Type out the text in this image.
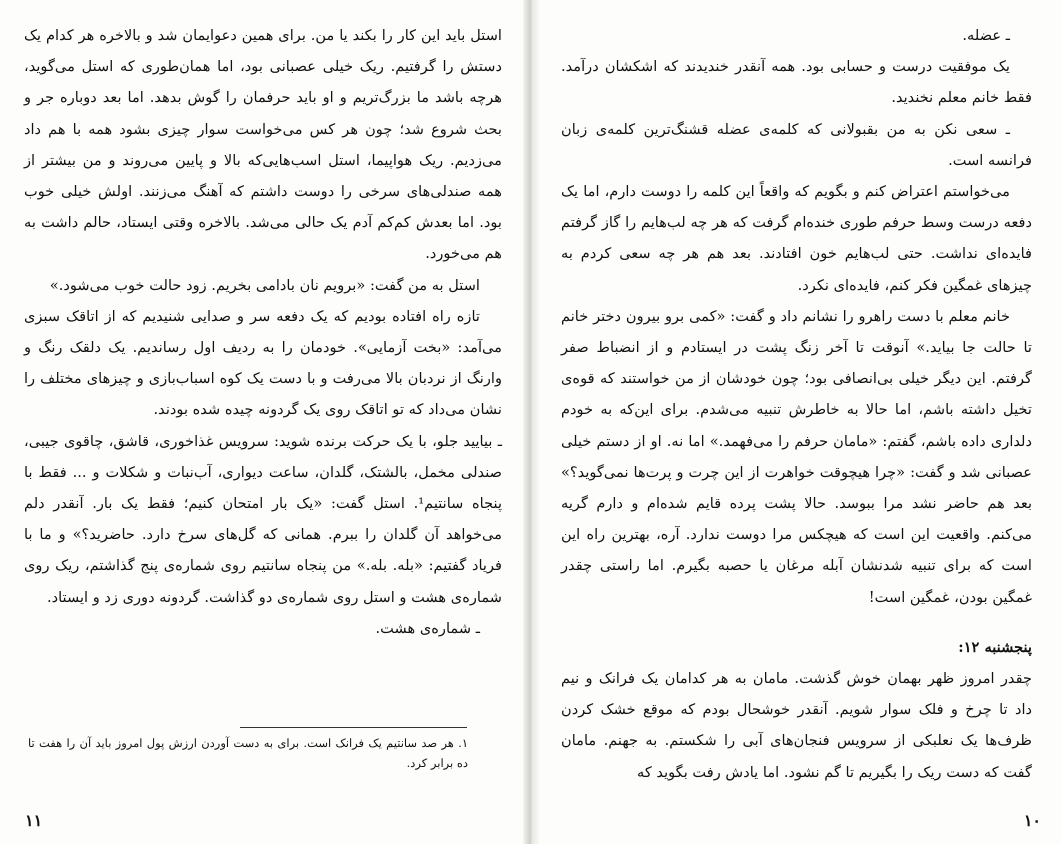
استل باید این کار را بکند یا من. برای همین دعوایمان شد و بالاخره هر کدام یک دستش را گرفتیم. ریک خیلی عصبانی بود، اما همان‌طوری که استل می‌گوید، هرچه باشد ما بزرگ‌تریم و او باید حرفمان را گوش بدهد. اما بعد دوباره جر و بحث شروع شد؛ چون هر کس می‌خواست سوار چیزی بشود همه با هم داد می‌زدیم. ریک هواپیما، استل اسب‌هایی‌که بالا و پایین می‌روند و من بیشتر از همه صندلی‌های سرخی را دوست داشتم که آهنگ می‌زنند. اولش خیلی خوب بود. اما بعدش کم‌کم آدم یک حالی می‌شد. بالاخره وقتی ایستاد، حالم داشت به هم می‌خورد.

استل به من گفت: «برویم نان بادامی بخریم. زود حالت خوب می‌شود.»

تازه راه افتاده بودیم که یک دفعه سر و صدایی شنیدیم که از اتاقک سبزی می‌آمد: «بخت آزمایی». خودمان را به ردیف اول رساندیم. یک دلقک رنگ و وارنگ از نردبان بالا می‌رفت و با دست یک کوه اسباب‌بازی و چیزهای مختلف را نشان می‌داد که تو اتاقک روی یک گردونه چیده شده بودند.

ـ بیایید جلو، با یک حرکت برنده شوید: سرویس غذاخوری، قاشق، چاقوی جیبی، صندلی مخمل، بالشتک، گلدان، ساعت دیواری، آب‌نبات و شکلات و ... فقط با پنجاه سانتیم¹. استل گفت: «یک بار امتحان کنیم؛ فقط یک بار. آنقدر دلم می‌خواهد آن گلدان را ببرم. همانی که گل‌های سرخ دارد. حاضرید؟» و ما با فریاد گفتیم: «بله. بله.» من پنجاه سانتیم روی شماره‌ی پنج گذاشتم، ریک روی شماره‌ی هشت و استل روی شماره‌ی دو گذاشت. گردونه دوری زد و ایستاد.

ـ شماره‌ی هشت.

١. هر صد سانتیم یک فرانک است. برای به دست آوردن ارزش پول امروز باید آن را هفت تا ده برابر کرد.
۱۱

ـ عضله.

یک موفقیت درست و حسابی بود. همه آنقدر خندیدند که اشکشان درآمد. فقط خانم معلم نخندید.

ـ سعی نکن به من بقبولانی که کلمه‌ی عضله قشنگ‌ترین کلمه‌ی زبان فرانسه است.

می‌خواستم اعتراض کنم و بگویم که واقعاً این کلمه را دوست دارم، اما یک دفعه درست وسط حرفم طوری خنده‌ام گرفت که هر چه لب‌هایم را گاز گرفتم فایده‌ای نداشت. حتی لب‌هایم خون افتادند. بعد هم هر چه سعی کردم به چیزهای غمگین فکر کنم، فایده‌ای نکرد.

خانم معلم با دست راهرو را نشانم داد و گفت: «کمی برو بیرون دختر خانم تا حالت جا بیاید.» آنوقت تا آخر زنگ پشت در ایستادم و از انضباط صفر گرفتم. این دیگر خیلی بی‌انصافی بود؛ چون خودشان از من خواستند که قوه‌ی تخیل داشته باشم، اما حالا به خاطرش تنبیه می‌شدم. برای این‌که به خودم دلداری داده باشم، گفتم: «مامان حرفم را می‌فهمد.» اما نه. او از دستم خیلی عصبانی شد و گفت: «چرا هیچوقت خواهرت از این چرت و پرت‌ها نمی‌گوید؟» بعد هم حاضر نشد مرا ببوسد. حالا پشت پرده قایم شده‌ام و دارم گریه می‌کنم. واقعیت این است که هیچکس مرا دوست ندارد. آره، بهترین راه این است که برای تنبیه شدنشان آبله مرغان یا حصبه بگیرم. اما راستی چقدر غمگین بودن، غمگین است!

پنجشنبه ۱۲:

چقدر امروز ظهر بهمان خوش گذشت. مامان به هر کدامان یک فرانک و نیم داد تا چرخ و فلک سوار شویم. آنقدر خوشحال بودم که موقع خشک کردن ظرف‌ها یک نعلبکی از سرویس فنجان‌های آبی را شکستم. به جهنم. مامان گفت که دست ریک را بگیریم تا گم نشود. اما یادش رفت بگوید که

۱۰
